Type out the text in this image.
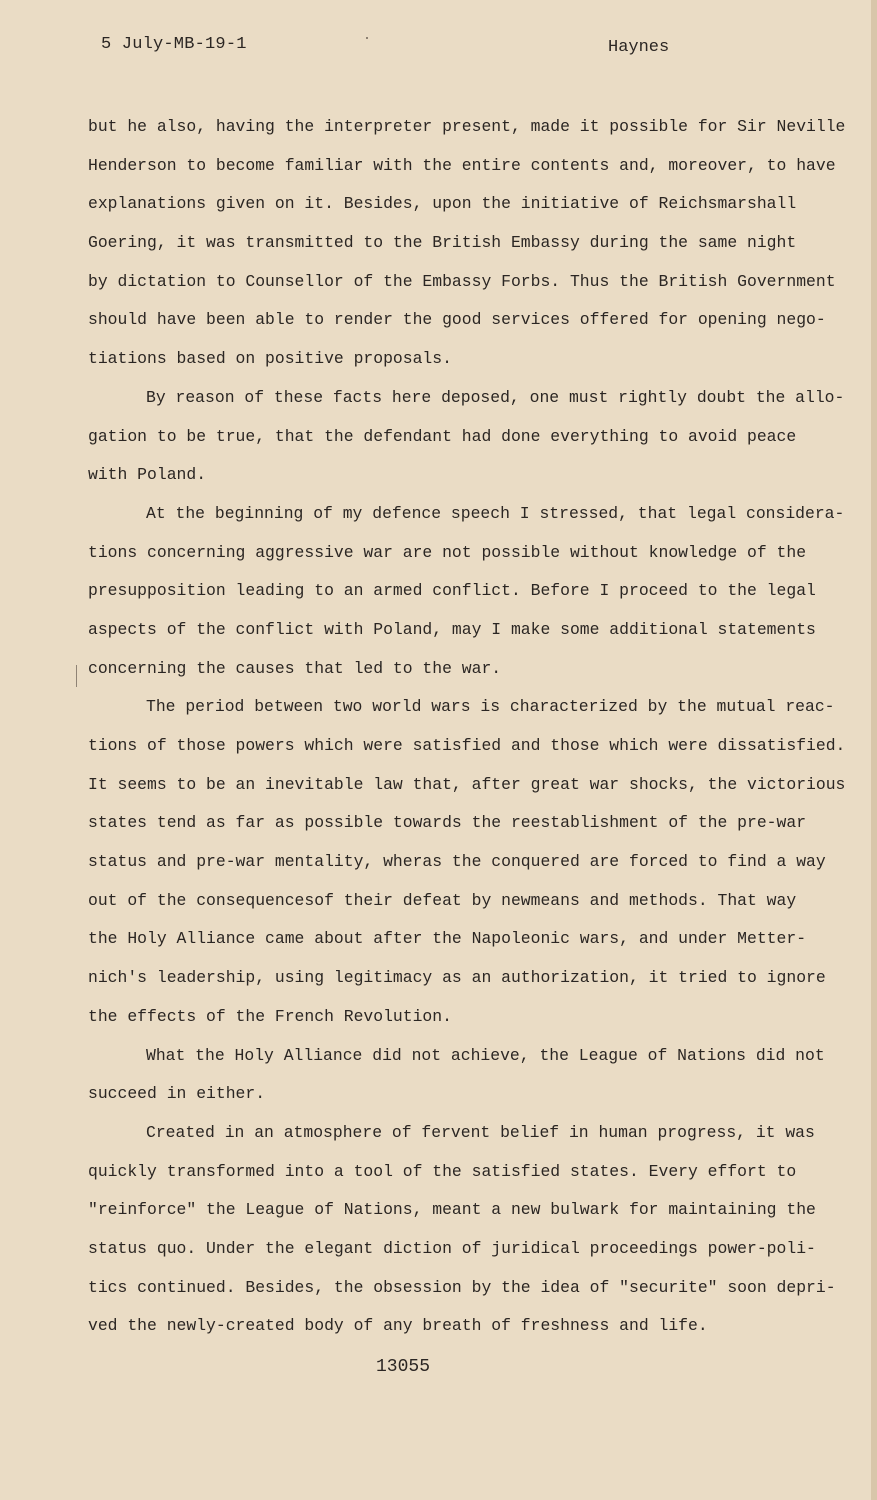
5 July-MB-19-1	Haynes
but he also, having the interpreter present, made it possible for Sir Neville
Henderson to become familiar with the entire contents and, moreover, to have
explanations given on it. Besides, upon the initiative of Reichsmarshall
Goering, it was transmitted to the British Embassy during the same night
by dictation to Counsellor of the Embassy Forbs. Thus the British Government
should have been able to render the good services offered for opening nego-
tiations based on positive proposals.
By reason of these facts here deposed, one must rightly doubt the allo-
gation to be true, that the defendant had done everything to avoid peace
with Poland.
At the beginning of my defence speech I stressed, that legal considera-
tions concerning aggressive war are not possible without knowledge of the
presupposition leading to an armed conflict. Before I proceed to the legal
aspects of the conflict with Poland, may I make some additional statements
concerning the causes that led to the war.
The period between two world wars is characterized by the mutual reac-
tions of those powers which were satisfied and those which were dissatisfied.
It seems to be an inevitable law that, after great war shocks, the victorious
states tend as far as possible towards the reestablishment of the pre-war
status and pre-war mentality, wheras the conquered are forced to find a way
out of the consequencesof their defeat by newmeans and methods. That way
the Holy Alliance came about after the Napoleonic wars, and under Metter-
nich's leadership, using legitimacy as an authorization, it tried to ignore
the effects of the French Revolution.
What the Holy Alliance did not achieve, the League of Nations did not
succeed in either.
Created in an atmosphere of fervent belief in human progress, it was
quickly transformed into a tool of the satisfied states. Every effort to
"reinforce" the League of Nations, meant a new bulwark for maintaining the
status quo. Under the elegant diction of juridical proceedings power-poli-
tics continued. Besides, the obsession by the idea of "securite" soon depri-
ved the newly-created body of any breath of freshness and life.
13055
